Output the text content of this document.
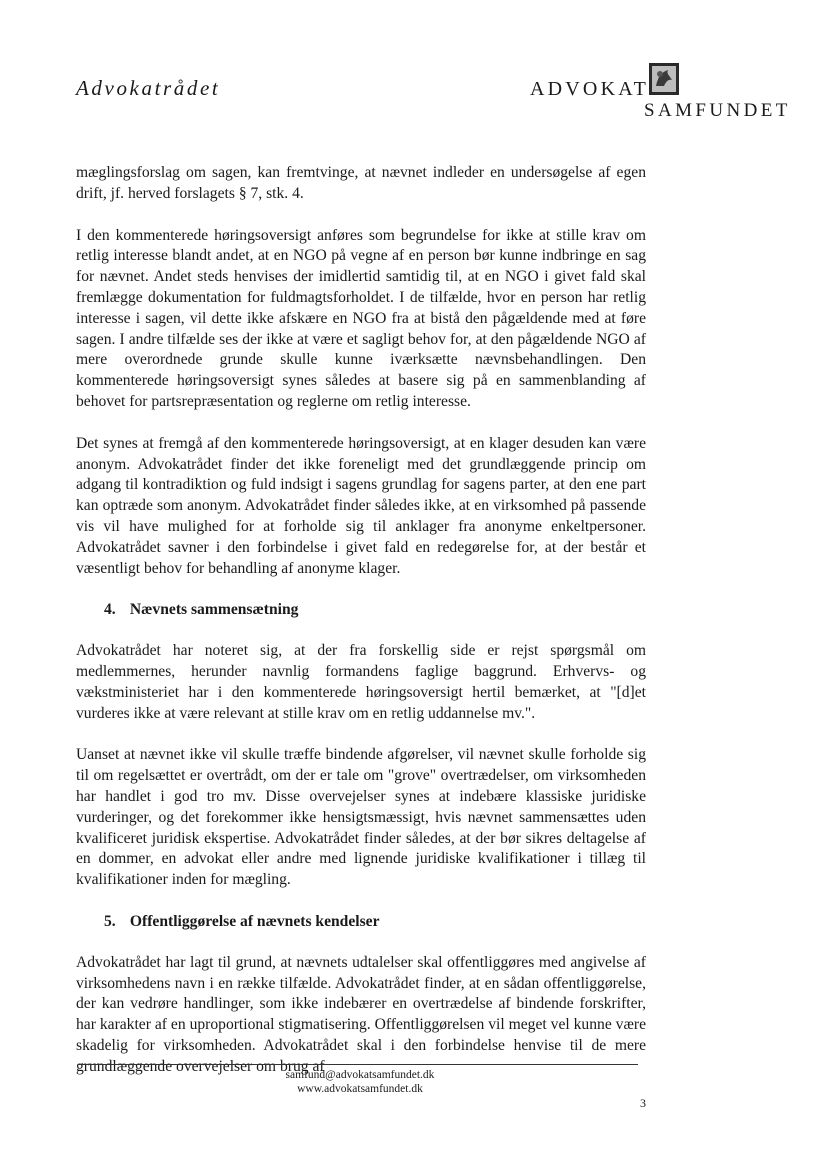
Advokatrådet	ADVOKAT
SAMFUNDET

mæglingsforslag om sagen, kan fremtvinge, at nævnet indleder en undersøgelse af egen drift, jf. herved forslagets § 7, stk. 4.

I den kommenterede høringsoversigt anføres som begrundelse for ikke at stille krav om retlig interesse blandt andet, at en NGO på vegne af en person bør kunne indbringe en sag for nævnet. Andet steds henvises der imidlertid samtidig til, at en NGO i givet fald skal fremlægge dokumentation for fuldmagtsforholdet. I de tilfælde, hvor en person har retlig interesse i sagen, vil dette ikke afskære en NGO fra at bistå den pågældende med at føre sagen. I andre tilfælde ses der ikke at være et sagligt behov for, at den pågældende NGO af mere overordnede grunde skulle kunne iværksætte nævnsbehandlingen. Den kommenterede høringsoversigt synes således at basere sig på en sammenblanding af behovet for partsrepræsentation og reglerne om retlig interesse.

Det synes at fremgå af den kommenterede høringsoversigt, at en klager desuden kan være anonym. Advokatrådet finder det ikke foreneligt med det grundlæggende princip om adgang til kontradiktion og fuld indsigt i sagens grundlag for sagens parter, at den ene part kan optræde som anonym. Advokatrådet finder således ikke, at en virksomhed på passende vis vil have mulighed for at forholde sig til anklager fra anonyme enkeltpersoner. Advokatrådet savner i den forbindelse i givet fald en redegørelse for, at der består et væsentligt behov for behandling af anonyme klager.

4. Nævnets sammensætning

Advokatrådet har noteret sig, at der fra forskellig side er rejst spørgsmål om medlemmernes, herunder navnlig formandens faglige baggrund. Erhvervs- og vækstministeriet har i den kommenterede høringsoversigt hertil bemærket, at "[d]et vurderes ikke at være relevant at stille krav om en retlig uddannelse mv.".

Uanset at nævnet ikke vil skulle træffe bindende afgørelser, vil nævnet skulle forholde sig til om regelsættet er overtrådt, om der er tale om "grove" overtrædelser, om virksomheden har handlet i god tro mv. Disse overvejelser synes at indebære klassiske juridiske vurderinger, og det forekommer ikke hensigtsmæssigt, hvis nævnet sammensættes uden kvalificeret juridisk ekspertise. Advokatrådet finder således, at der bør sikres deltagelse af en dommer, en advokat eller andre med lignende juridiske kvalifikationer i tillæg til kvalifikationer inden for mægling.

5. Offentliggørelse af nævnets kendelser

Advokatrådet har lagt til grund, at nævnets udtalelser skal offentliggøres med angivelse af virksomhedens navn i en række tilfælde. Advokatrådet finder, at en sådan offentliggørelse, der kan vedrøre handlinger, som ikke indebærer en overtrædelse af bindende forskrifter, har karakter af en uproportional stigmatisering. Offentliggørelsen vil meget vel kunne være skadelig for virksomheden. Advokatrådet skal i den forbindelse henvise til de mere grundlæggende overvejelser om brug af

samfund@advokatsamfundet.dk
www.advokatsamfundet.dk
3
